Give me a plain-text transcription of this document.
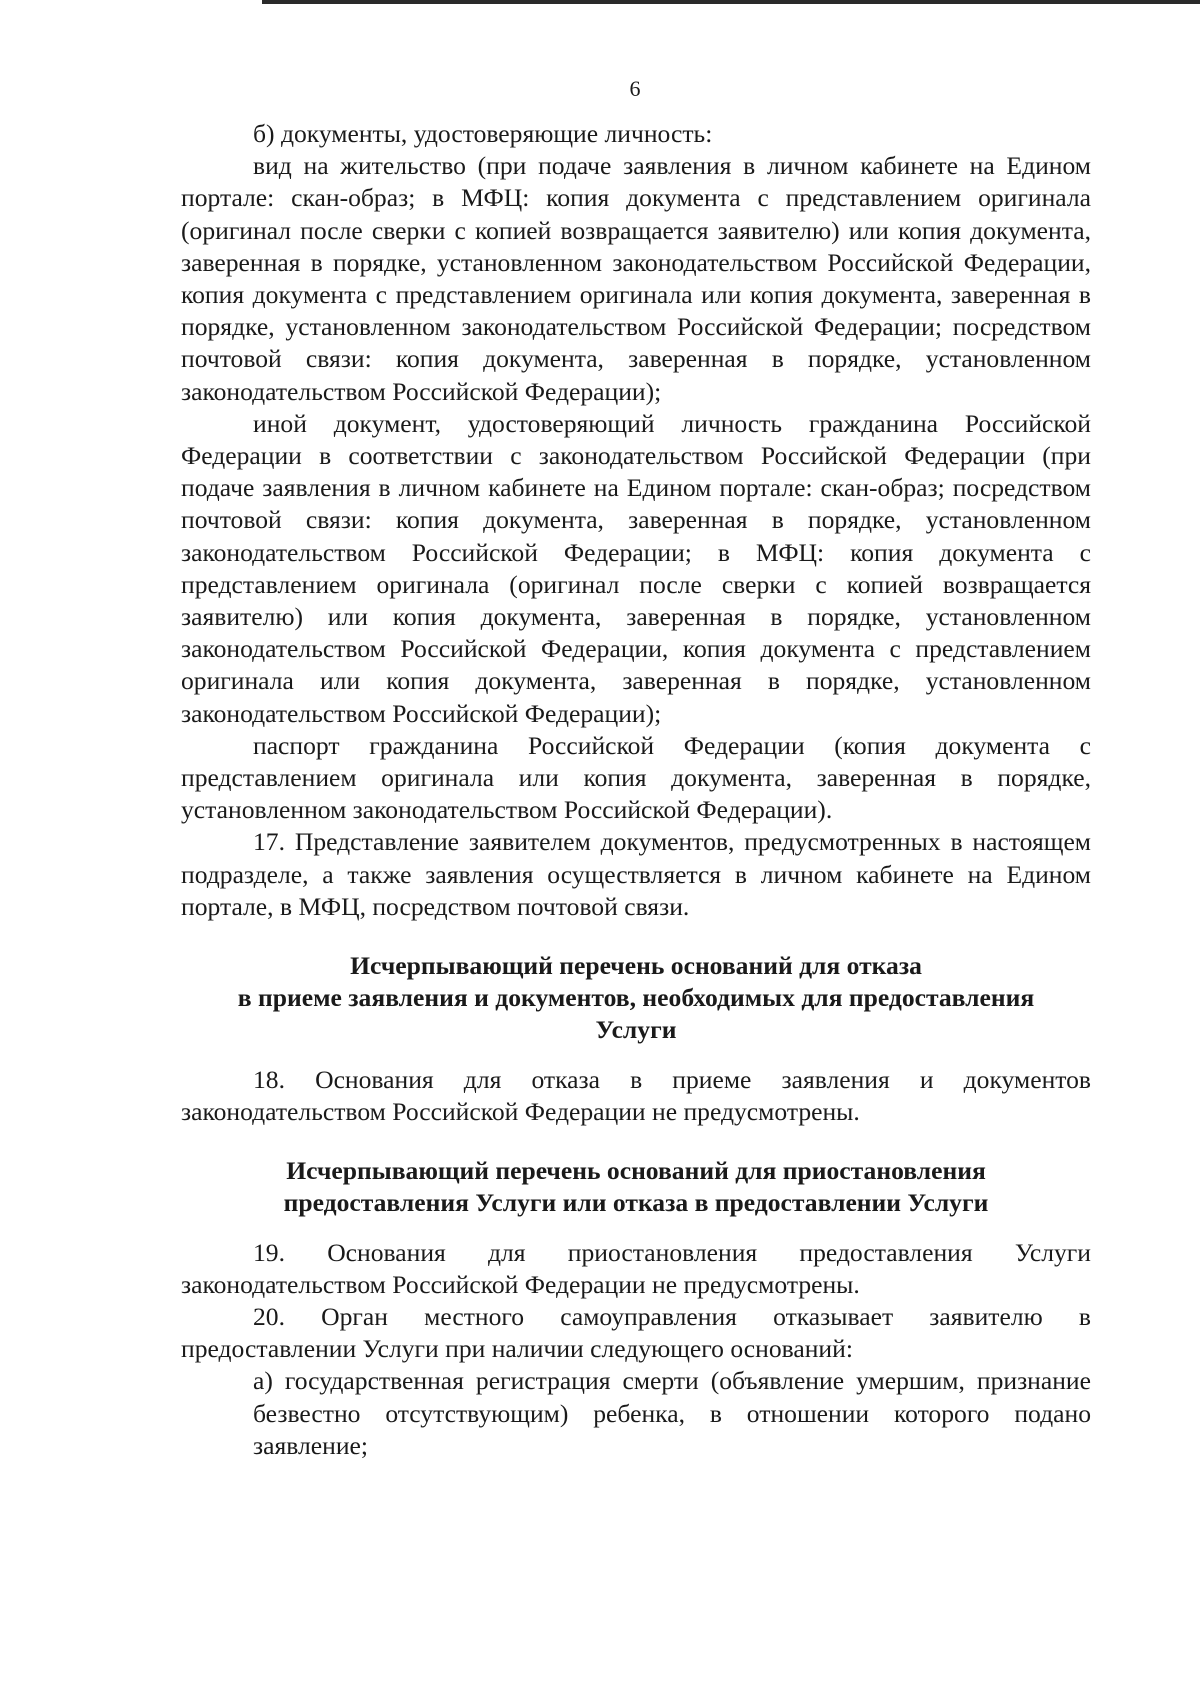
6

б) документы, удостоверяющие личность:

вид на жительство (при подаче заявления в личном кабинете на Едином портале: скан-образ; в МФЦ: копия документа с представлением оригинала (оригинал после сверки с копией возвращается заявителю) или копия документа, заверенная в порядке, установленном законодательством Российской Федерации, копия документа с представлением оригинала или копия документа, заверенная в порядке, установленном законодательством Российской Федерации; посредством почтовой связи: копия документа, заверенная в порядке, установленном законодательством Российской Федерации);

иной документ, удостоверяющий личность гражданина Российской Федерации в соответствии с законодательством Российской Федерации (при подаче заявления в личном кабинете на Едином портале: скан-образ; посредством почтовой связи: копия документа, заверенная в порядке, установленном законодательством Российской Федерации; в МФЦ: копия документа с представлением оригинала (оригинал после сверки с копией возвращается заявителю) или копия документа, заверенная в порядке, установленном законодательством Российской Федерации, копия документа с представлением оригинала или копия документа, заверенная в порядке, установленном законодательством Российской Федерации);

паспорт гражданина Российской Федерации (копия документа с представлением оригинала или копия документа, заверенная в порядке, установленном законодательством Российской Федерации).

17. Представление заявителем документов, предусмотренных в настоящем подразделе, а также заявления осуществляется в личном кабинете на Едином портале, в МФЦ, посредством почтовой связи.

Исчерпывающий перечень оснований для отказа
в приеме заявления и документов, необходимых для предоставления
Услуги

18. Основания для отказа в приеме заявления и документов законодательством Российской Федерации не предусмотрены.

Исчерпывающий перечень оснований для приостановления
предоставления Услуги или отказа в предоставлении Услуги

19. Основания для приостановления предоставления Услуги законодательством Российской Федерации не предусмотрены.

20. Орган местного самоуправления отказывает заявителю в предоставлении Услуги при наличии следующего оснований:

а) государственная регистрация смерти (объявление умершим, признание безвестно отсутствующим) ребенка, в отношении которого подано заявление;
